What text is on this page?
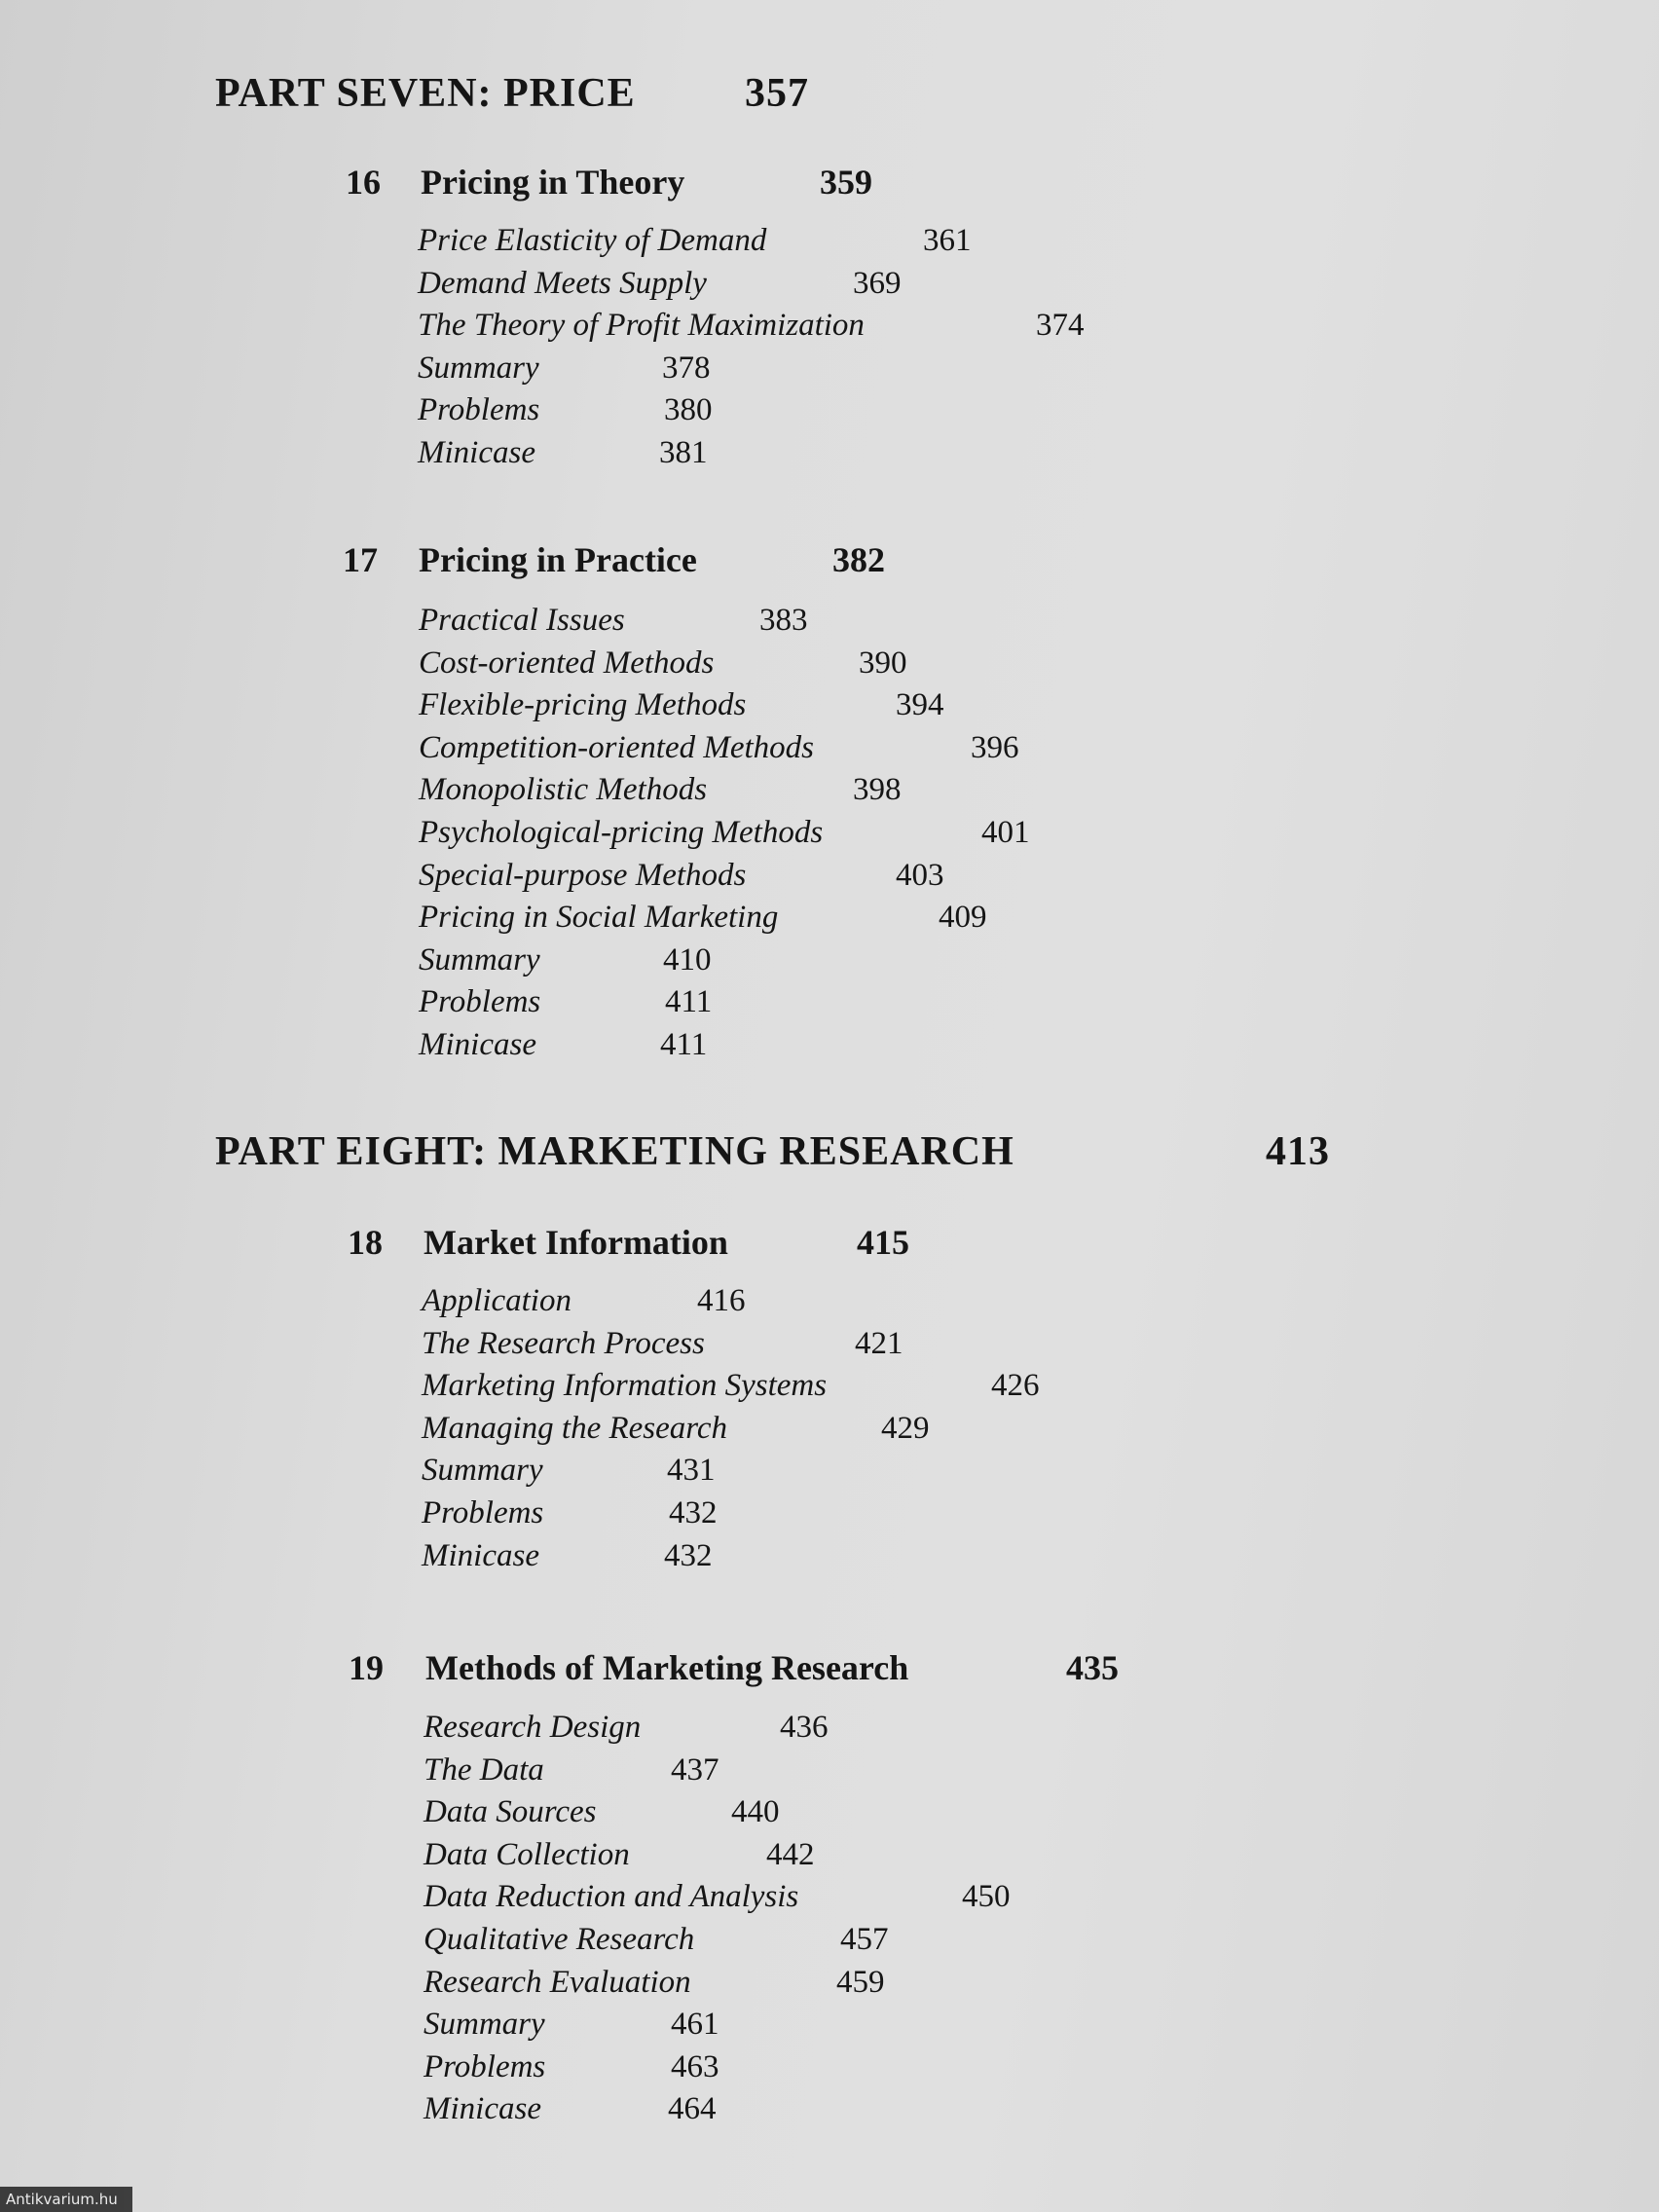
PART SEVEN: PRICE	357
16 Pricing in Theory	359
Price Elasticity of Demand	361
Demand Meets Supply	369
The Theory of Profit Maximization	374
Summary	378
Problems	380
Minicase	381
17 Pricing in Practice	382
Practical Issues	383
Cost-oriented Methods	390
Flexible-pricing Methods	394
Competition-oriented Methods	396
Monopolistic Methods	398
Psychological-pricing Methods	401
Special-purpose Methods	403
Pricing in Social Marketing	409
Summary	410
Problems	411
Minicase	411
PART EIGHT: MARKETING RESEARCH	413
18 Market Information	415
Application	416
The Research Process	421
Marketing Information Systems	426
Managing the Research	429
Summary	431
Problems	432
Minicase	432
19 Methods of Marketing Research	435
Research Design	436
The Data	437
Data Sources	440
Data Collection	442
Data Reduction and Analysis	450
Qualitative Research	457
Research Evaluation	459
Summary	461
Problems	463
Minicase	464
Antikvarium.hu
